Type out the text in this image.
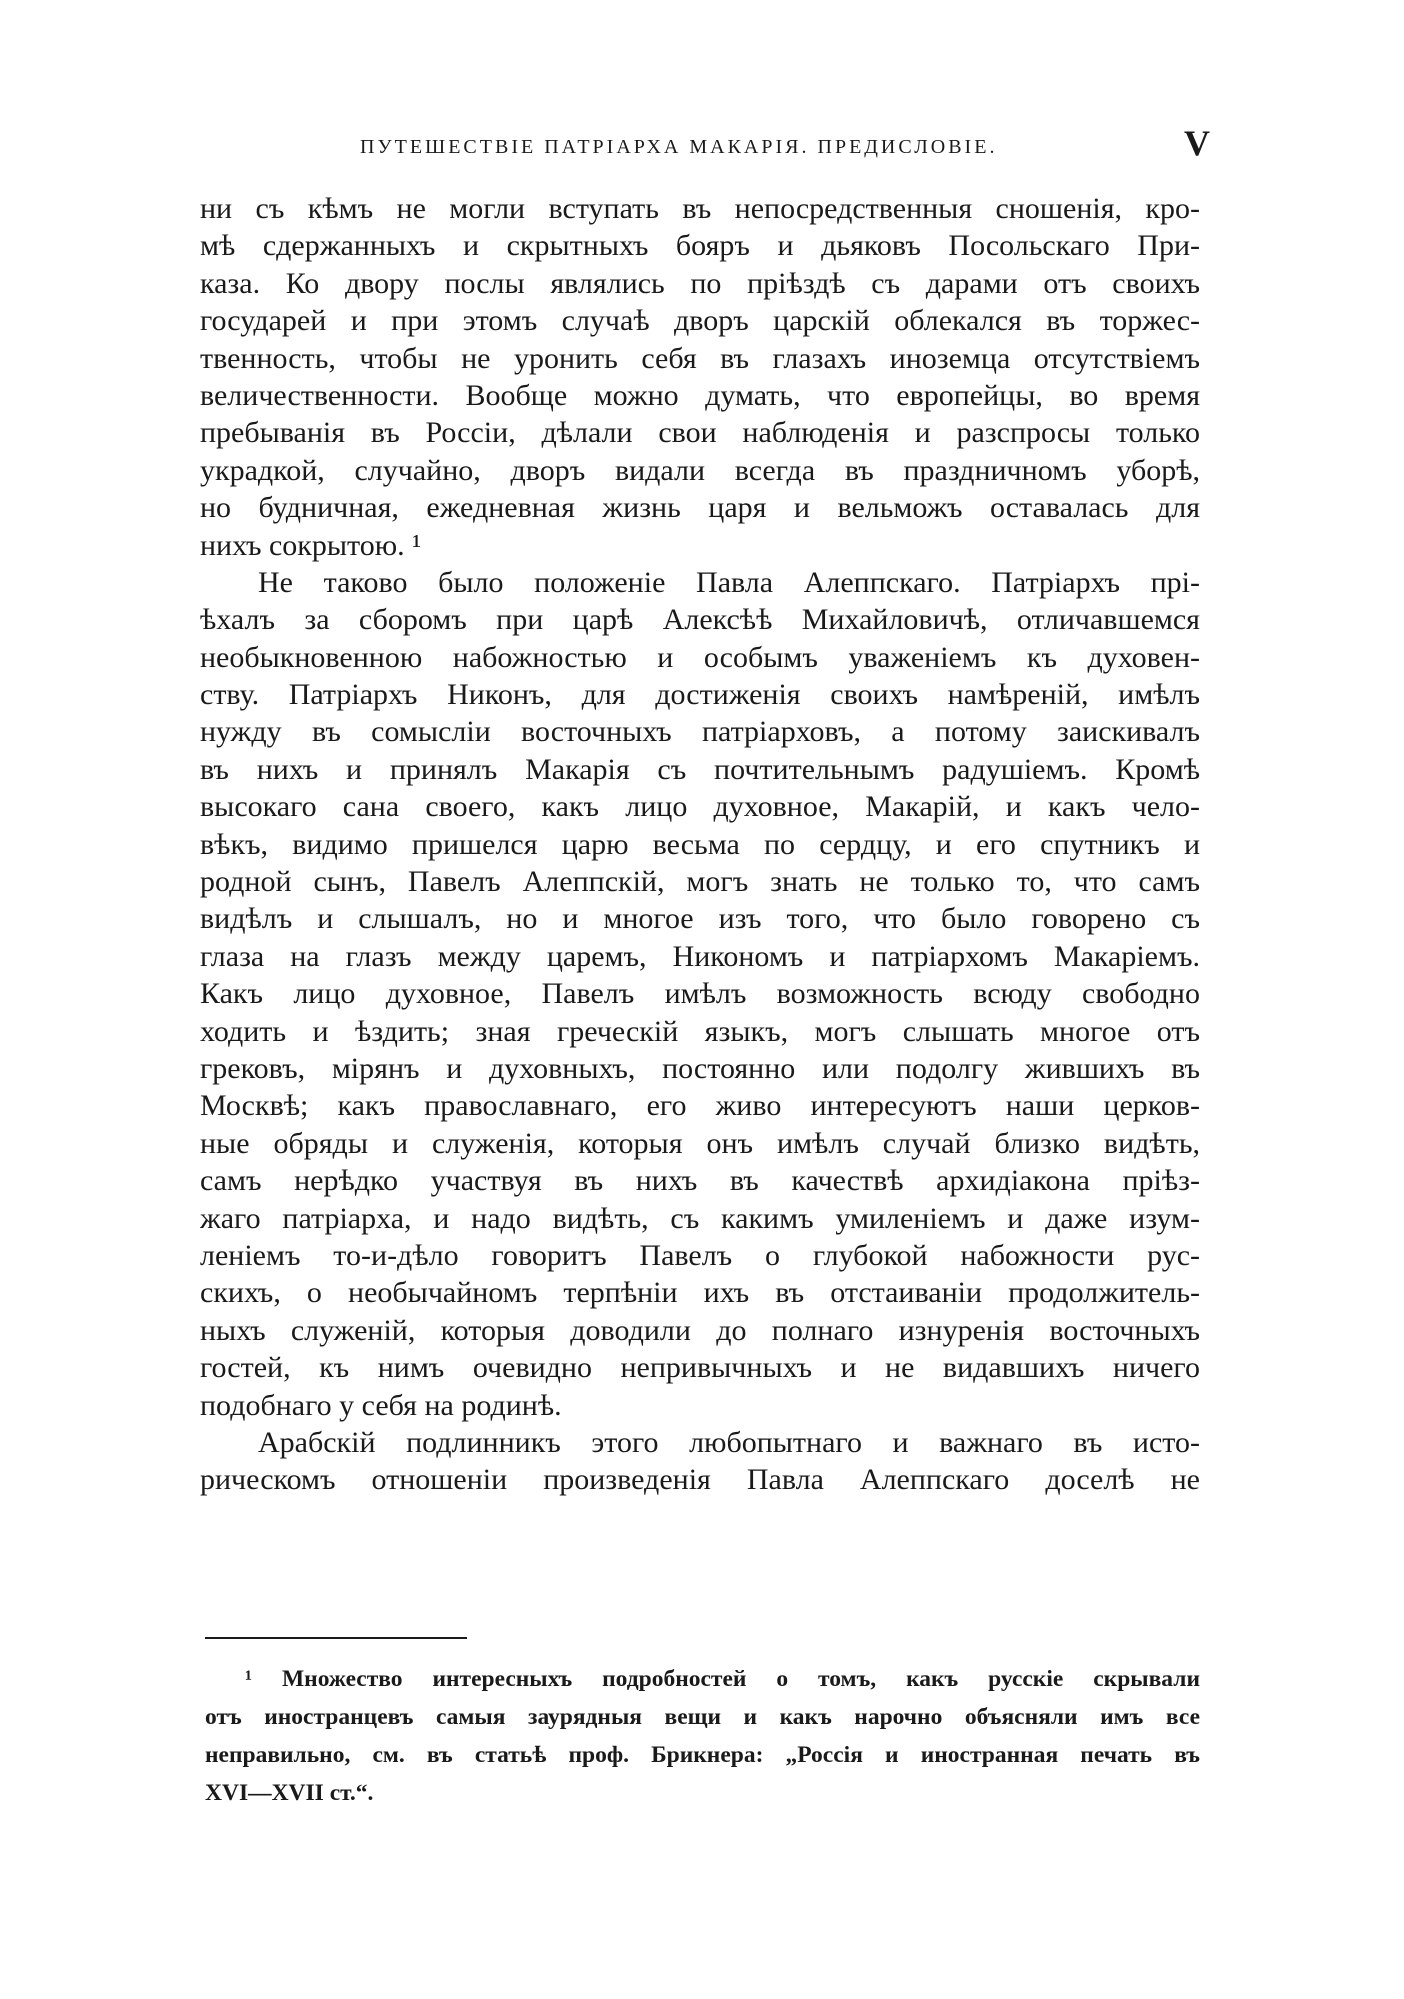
ПУТЕШЕСТВІЕ ПАТРІАРХА МАКАРІЯ. ПРЕДИСЛОВІЕ.	V
ни съ кѣмъ не могли вступать въ непосредственныя сношенія, кро-
мѣ сдержанныхъ и скрытныхъ бояръ и дьяковъ Посольскаго При-
каза. Ко двору послы являлись по пріѣздѣ съ дарами отъ своихъ
государей и при этомъ случаѣ дворъ царскій облекался въ торжес-
твенность, чтобы не уронить себя въ глазахъ иноземца отсутствіемъ
величественности. Вообще можно думать, что европейцы, во время
пребыванія въ Россіи, дѣлали свои наблюденія и разспросы только
украдкой, случайно, дворъ видали всегда въ праздничномъ уборѣ,
но будничная, ежедневная жизнь царя и вельможъ оставалась для
нихъ сокрытою. ¹
Не таково было положеніе Павла Алеппскаго. Патріархъ прі-
ѣхалъ за сборомъ при царѣ Алексѣѣ Михайловичѣ, отличавшемся
необыкновенною набожностью и особымъ уваженіемъ къ духовен-
ству. Патріархъ Никонъ, для достиженія своихъ намѣреній, имѣлъ
нужду въ сомысліи восточныхъ патріарховъ, а потому заискивалъ
въ нихъ и принялъ Макарія съ почтительнымъ радушіемъ. Кромѣ
высокаго сана своего, какъ лицо духовное, Макарій, и какъ чело-
вѣкъ, видимо пришелся царю весьма по сердцу, и его спутникъ и
родной сынъ, Павелъ Алеппскій, могъ знать не только то, что самъ
видѣлъ и слышалъ, но и многое изъ того, что было говорено съ
глаза на глазъ между царемъ, Никономъ и патріархомъ Макаріемъ.
Какъ лицо духовное, Павелъ имѣлъ возможность всюду свободно
ходить и ѣздить; зная греческій языкъ, могъ слышать многое отъ
грековъ, мірянъ и духовныхъ, постоянно или подолгу жившихъ въ
Москвѣ; какъ православнаго, его живо интересуютъ наши церков-
ные обряды и служенія, которыя онъ имѣлъ случай близко видѣть,
самъ нерѣдко участвуя въ нихъ въ качествѣ архидіакона пріѣз-
жаго патріарха, и надо видѣть, съ какимъ умиленіемъ и даже изум-
леніемъ то-и-дѣло говоритъ Павелъ о глубокой набожности рус-
скихъ, о необычайномъ терпѣніи ихъ въ отстаиваніи продолжитель-
ныхъ служеній, которыя доводили до полнаго изнуренія восточныхъ
гостей, къ нимъ очевидно непривычныхъ и не видавшихъ ничего
подобнаго у себя на родинѣ.
Арабскій подлинникъ этого любопытнаго и важнаго въ исто-
рическомъ отношеніи произведенія Павла Алеппскаго доселѣ не
¹ Множество интересныхъ подробностей о томъ, какъ русскіе скрывали
отъ иностранцевъ самыя заурядныя вещи и какъ нарочно объясняли имъ все
неправильно, см. въ статьѣ проф. Брикнера: „Россія и иностранная печать въ
XVI—XVII ст.“.
